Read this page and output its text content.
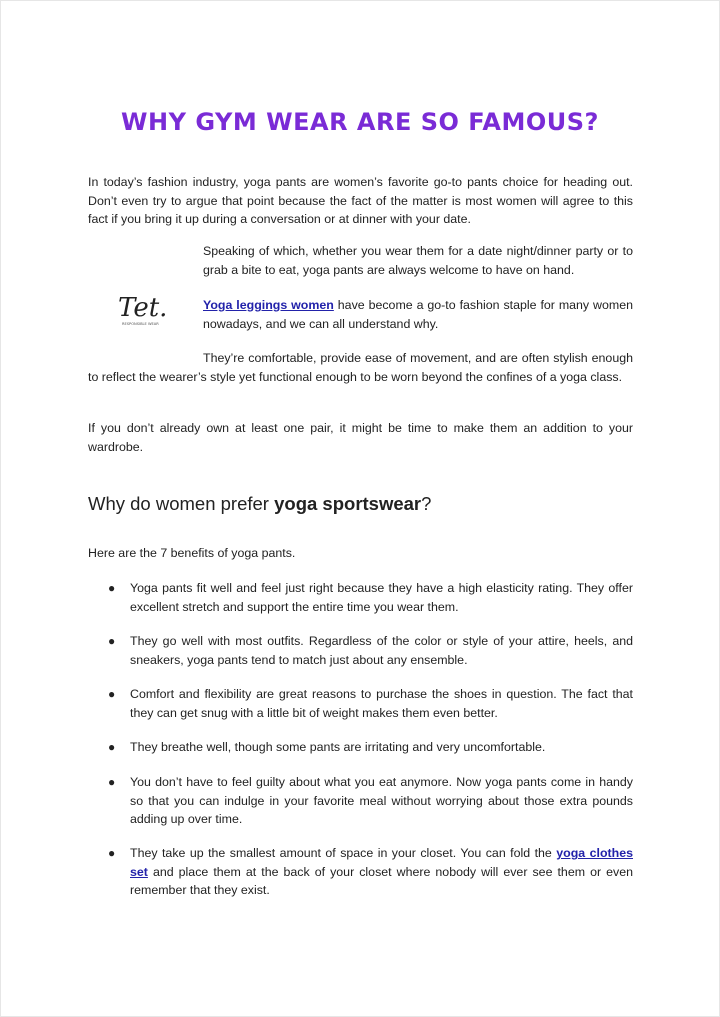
WHY GYM WEAR ARE SO FAMOUS?

In today’s fashion industry, yoga pants are women’s favorite go-to pants choice for heading out. Don’t even try to argue that point because the fact of the matter is most women will agree to this fact if you bring it up during a conversation or at dinner with your date.

Tet.
RESPONSIBLE WEAR

Speaking of which, whether you wear them for a date night/dinner party or to grab a bite to eat, yoga pants are always welcome to have on hand.

Yoga leggings women have become a go-to fashion staple for many women nowadays, and we can all understand why.

They’re comfortable, provide ease of movement, and are often stylish enough to reflect the wearer’s style yet functional enough to be worn beyond the confines of a yoga class.

If you don’t already own at least one pair, it might be time to make them an addition to your wardrobe.

Why do women prefer yoga sportswear?

Here are the 7 benefits of yoga pants.

● Yoga pants fit well and feel just right because they have a high elasticity rating. They offer excellent stretch and support the entire time you wear them.
● They go well with most outfits. Regardless of the color or style of your attire, heels, and sneakers, yoga pants tend to match just about any ensemble.
● Comfort and flexibility are great reasons to purchase the shoes in question. The fact that they can get snug with a little bit of weight makes them even better.
● They breathe well, though some pants are irritating and very uncomfortable.
● You don’t have to feel guilty about what you eat anymore. Now yoga pants come in handy so that you can indulge in your favorite meal without worrying about those extra pounds adding up over time.
● They take up the smallest amount of space in your closet. You can fold the yoga clothes set and place them at the back of your closet where nobody will ever see them or even remember that they exist.
